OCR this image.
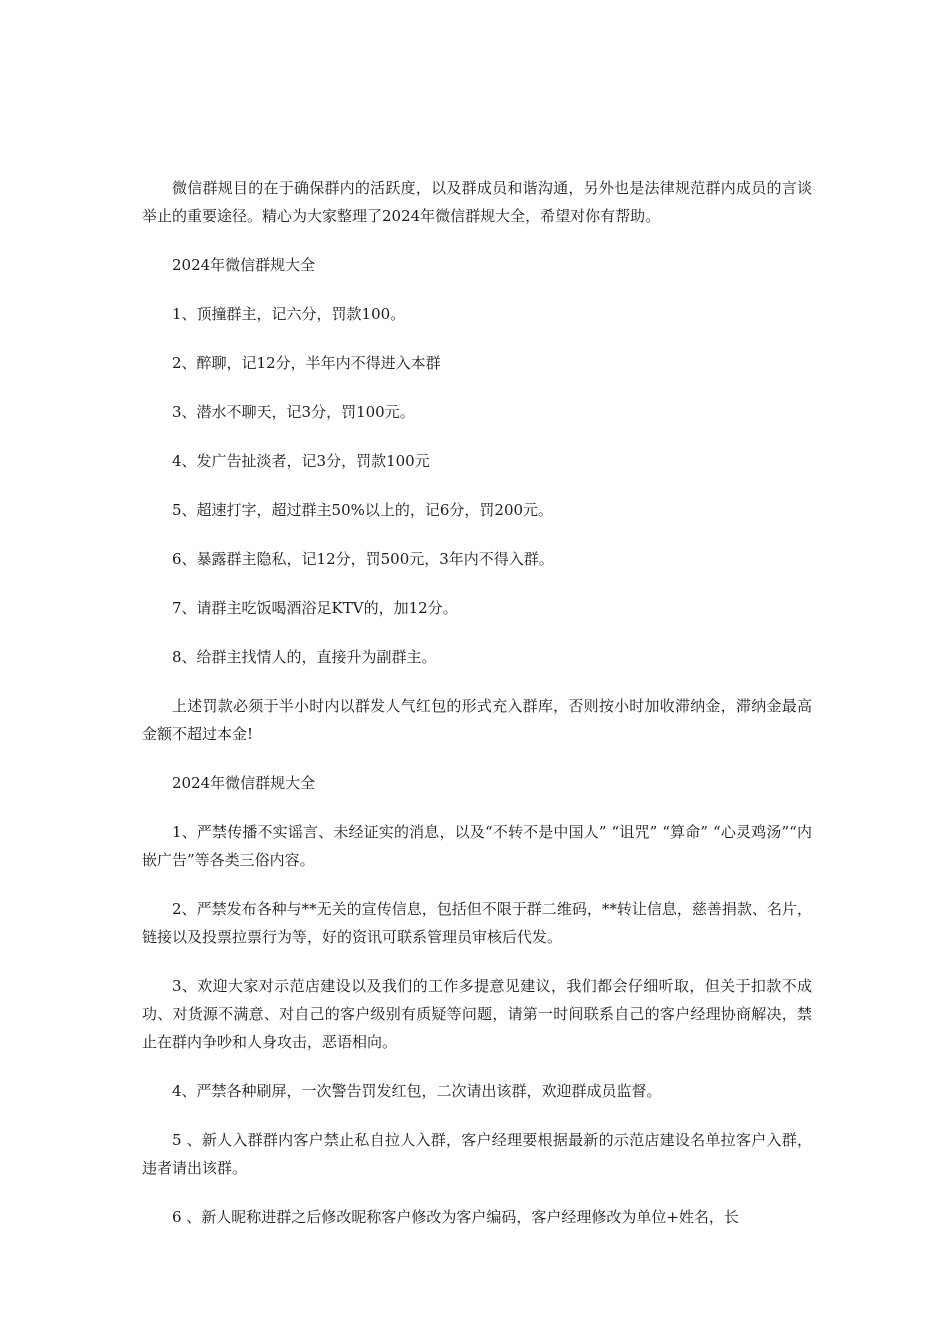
微信群规目的在于确保群内的活跃度，以及群成员和谐沟通，另外也是法律规范群内成员的言谈举止的重要途径。精心为大家整理了2024年微信群规大全，希望对你有帮助。

2024年微信群规大全

1、顶撞群主，记六分，罚款100。

2、醉聊，记12分，半年内不得进入本群

3、潜水不聊天，记3分，罚100元。

4、发广告扯淡者，记3分，罚款100元

5、超速打字，超过群主50%以上的，记6分，罚200元。

6、暴露群主隐私，记12分，罚500元，3年内不得入群。

7、请群主吃饭喝酒浴足KTV的，加12分。

8、给群主找情人的，直接升为副群主。

上述罚款必须于半小时内以群发人气红包的形式充入群库，否则按小时加收滞纳金，滞纳金最高金额不超过本金!

2024年微信群规大全

1、严禁传播不实谣言、未经证实的消息，以及“不转不是中国人” “诅咒” “算命” “心灵鸡汤”“内嵌广告”等各类三俗内容。

2、严禁发布各种与**无关的宣传信息，包括但不限于群二维码，**转让信息，慈善捐款、名片，链接以及投票拉票行为等，好的资讯可联系管理员审核后代发。

3、欢迎大家对示范店建设以及我们的工作多提意见建议，我们都会仔细听取，但关于扣款不成功、对货源不满意、对自己的客户级别有质疑等问题，请第一时间联系自己的客户经理协商解决，禁止在群内争吵和人身攻击，恶语相向。

4、严禁各种刷屏，一次警告罚发红包，二次请出该群，欢迎群成员监督。

5 、新人入群群内客户禁止私自拉人入群，客户经理要根据最新的示范店建设名单拉客户入群，违者请出该群。

6 、新人昵称进群之后修改昵称客户修改为客户编码，客户经理修改为单位+姓名，长
